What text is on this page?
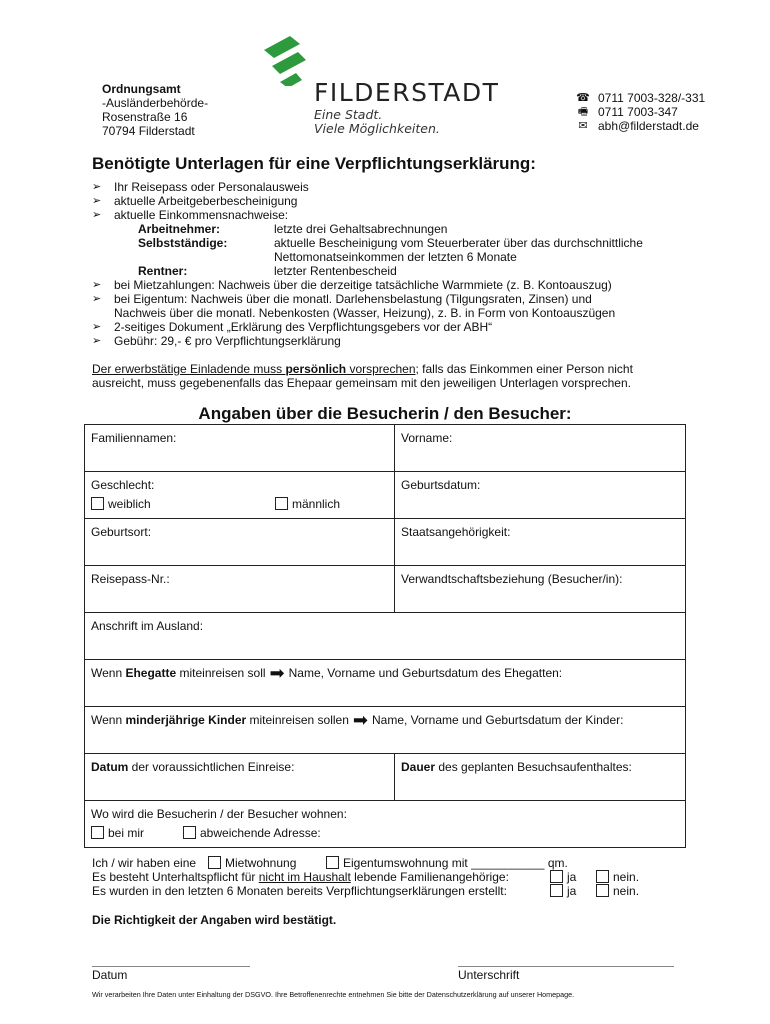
Ordnungsamt
-Ausländerbehörde-
Rosenstraße 16
70794 Filderstadt
FILDERSTADT
Eine Stadt.
Viele Möglichkeiten.
☎ 0711 7003-328/-331
🖷 0711 7003-347
✉ abh@filderstadt.de
Benötigte Unterlagen für eine Verpflichtungserklärung:
➢	Ihr Reisepass oder Personalausweis
➢	aktuelle Arbeitgeberbescheinigung
➢	aktuelle Einkommensnachweise:
Arbeitnehmer:	letzte drei Gehaltsabrechnungen
Selbstständige:	aktuelle Bescheinigung vom Steuerberater über das durchschnittliche
Nettomonatseinkommen der letzten 6 Monate
Rentner:	letzter Rentenbescheid
➢	bei Mietzahlungen: Nachweis über die derzeitige tatsächliche Warmmiete (z. B. Kontoauszug)
➢	bei Eigentum: Nachweis über die monatl. Darlehensbelastung (Tilgungsraten, Zinsen) und
Nachweis über die monatl. Nebenkosten (Wasser, Heizung), z. B. in Form von Kontoauszügen
➢	2-seitiges Dokument „Erklärung des Verpflichtungsgebers vor der ABH“
➢	Gebühr: 29,- € pro Verpflichtungserklärung
Der erwerbstätige Einladende muss persönlich vorsprechen; falls das Einkommen einer Person nicht
ausreicht, muss gegebenenfalls das Ehepaar gemeinsam mit den jeweiligen Unterlagen vorsprechen.
Angaben über die Besucherin / den Besucher:
Familiennamen:	Vorname:

Geschlecht:
weiblich männlich	Geburtsdatum:
Geburtsort:	Staatsangehörigkeit:
Reisepass-Nr.:	Verwandtschaftsbeziehung (Besucher/in):
Anschrift im Ausland:	
Wenn Ehegatte miteinreisen soll ➡ Name, Vorname und Geburtsdatum des Ehegatten:	
Wenn minderjährige Kinder miteinreisen sollen ➡ Name, Vorname und Geburtsdatum der Kinder:	
Datum der voraussichtlichen Einreise:	Dauer des geplanten Besuchsaufenthaltes:

Wo wird die Besucherin / der Besucher wohnen:
bei mir abweichende Adresse:	
Ich / wir haben eine	Mietwohnung	Eigentumswohnung mit ___________ qm.
Es besteht Unterhaltspflicht für nicht im Haushalt lebende Familienangehörige:	ja	nein.
Es wurden in den letzten 6 Monaten bereits Verpflichtungserklärungen erstellt:	ja	nein.
Die Richtigkeit der Angaben wird bestätigt.
Datum	Unterschrift
Wir verarbeiten Ihre Daten unter Einhaltung der DSGVO. Ihre Betroffenenrechte entnehmen Sie bitte der Datenschutzerklärung auf unserer Homepage.
